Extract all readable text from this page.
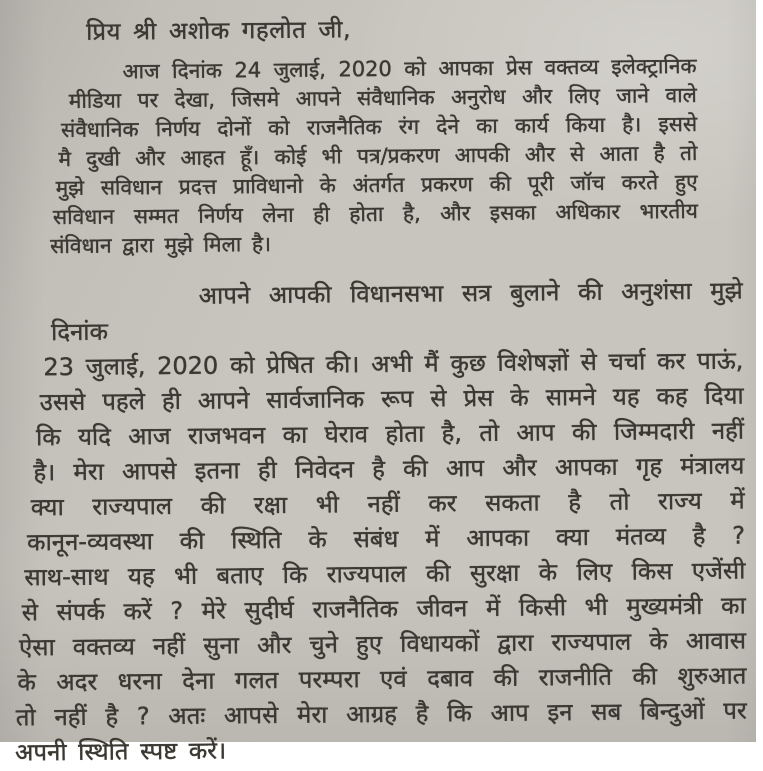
प्रिय श्री अशोक गहलोत जी,
आज दिनांक 24 जुलाई, 2020 को आपका प्रेस वक्तव्य इलेक्ट्रानिक
मीडिया पर देखा, जिसमे आपने संवैधानिक अनुरोध और लिए जाने वाले
संवैधानिक निर्णय दोनों को राजनैतिक रंग देने का कार्य किया है। इससे
मै दुखी और आहत हूँ। कोई भी पत्र/प्रकरण आपकी और से आता है तो
मुझे सविधान प्रदत्त प्राविधानो के अंतर्गत प्रकरण की पूरी जॉच करते हुए
सविधान सम्मत निर्णय लेना ही होता है, और इसका अधिकार भारतीय
संविधान द्वारा मुझे मिला है।
आपने आपकी विधानसभा सत्र बुलाने की अनुशंसा मुझे दिनांक
23 जुलाई, 2020 को प्रेषित की। अभी मैं कुछ विशेषज्ञों से चर्चा कर पाऊं,
उससे पहले ही आपने सार्वजानिक रूप से प्रेस के सामने यह कह दिया
कि यदि आज राजभवन का घेराव होता है, तो आप की जिम्मदारी नहीं
है। मेरा आपसे इतना ही निवेदन है की आप और आपका गृह मंत्रालय
क्या राज्यपाल की रक्षा भी नहीं कर सकता है तो राज्य में
कानून-व्यवस्था की स्थिति के संबंध में आपका क्या मंतव्य है ?
साथ-साथ यह भी बताए कि राज्यपाल की सुरक्षा के लिए किस एजेंसी
से संपर्क करें ? मेरे सुदीर्घ राजनैतिक जीवन में किसी भी मुख्यमंत्री का
ऐसा वक्तव्य नहीं सुना और चुने हुए विधायकों द्वारा राज्यपाल के आवास
के अदर धरना देना गलत परम्परा एवं दबाव की राजनीति की शुरुआत
तो नहीं है ? अतः आपसे मेरा आग्रह है कि आप इन सब बिन्दुओं पर
अपनी स्थिति स्पष्ट करें।
